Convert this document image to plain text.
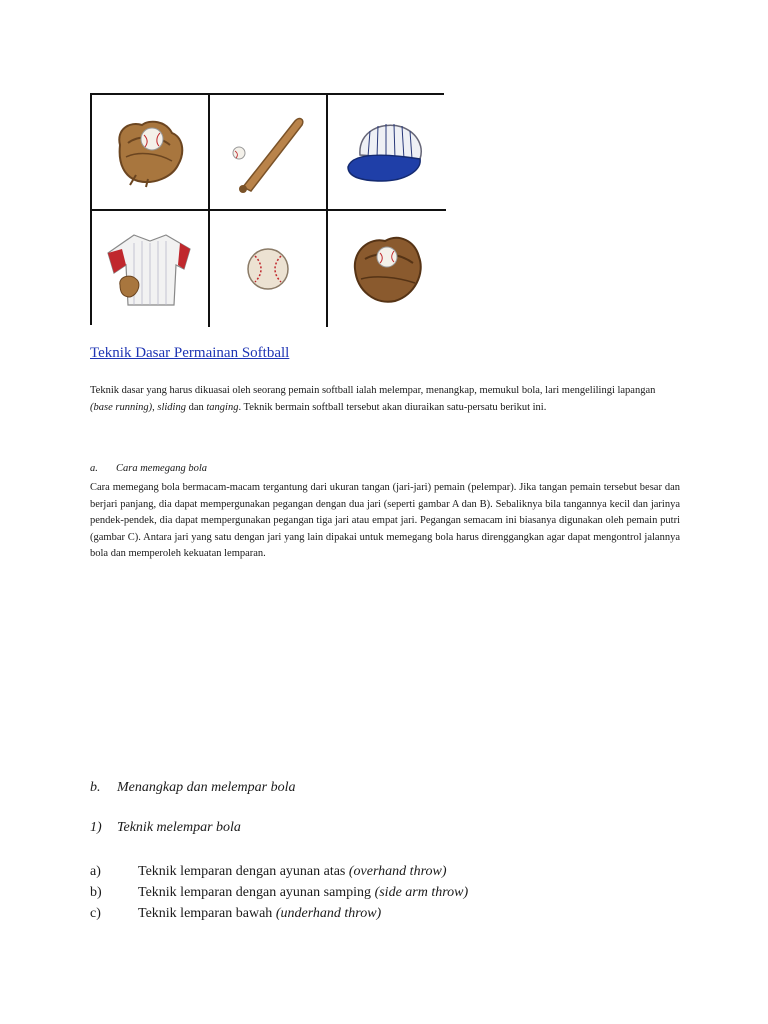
Teknik Dasar Permainan Softball

Teknik dasar yang harus dikuasai oleh seorang pemain softball ialah melempar, menangkap, memukul bola, lari mengelilingi lapangan (base running), sliding dan tanging. Teknik bermain softball tersebut akan diuraikan satu-persatu berikut ini.

a. Cara memegang bola

Cara memegang bola bermacam-macam tergantung dari ukuran tangan (jari-jari) pemain (pelempar). Jika tangan pemain tersebut besar dan berjari panjang, dia dapat mempergunakan pegangan dengan dua jari (seperti gambar A dan B). Sebaliknya bila tangannya kecil dan jarinya pendek-pendek, dia dapat mempergunakan pegangan tiga jari atau empat jari. Pegangan semacam ini biasanya digunakan oleh pemain putri (gambar C). Antara jari yang satu dengan jari yang lain dipakai untuk memegang bola harus direnggangkan agar dapat mengontrol jalannya bola dan memperoleh kekuatan lemparan.

b. Menangkap dan melempar bola
1) Teknik melempar bola
a)	Teknik lemparan dengan ayunan atas (overhand throw)
b)	Teknik lemparan dengan ayunan samping (side arm throw)
c)	Teknik lemparan bawah (underhand throw)
